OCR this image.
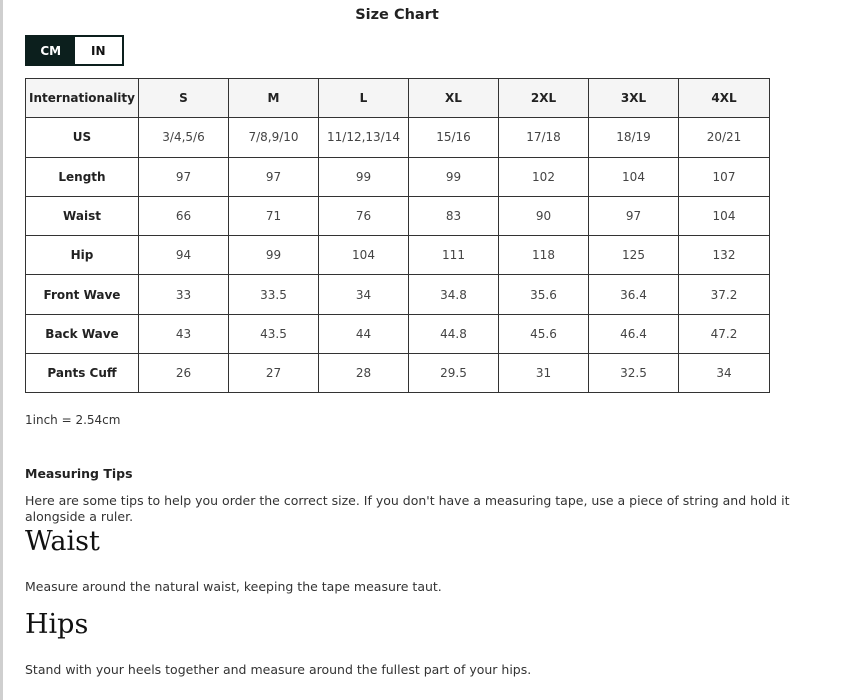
Size Chart
CM	IN
Internationality	S	M	L	XL	2XL	3XL	4XL
US	3/4,5/6	7/8,9/10	11/12,13/14	15/16	17/18	18/19	20/21
Length	97	97	99	99	102	104	107
Waist	66	71	76	83	90	97	104
Hip	94	99	104	111	118	125	132
Front Wave	33	33.5	34	34.8	35.6	36.4	37.2
Back Wave	43	43.5	44	44.8	45.6	46.4	47.2
Pants Cuff	26	27	28	29.5	31	32.5	34
1inch = 2.54cm
Measuring Tips
Here are some tips to help you order the correct size. If you don't have a measuring tape, use a piece of string and hold it alongside a ruler.
Waist
Measure around the natural waist, keeping the tape measure taut.
Hips
Stand with your heels together and measure around the fullest part of your hips.
